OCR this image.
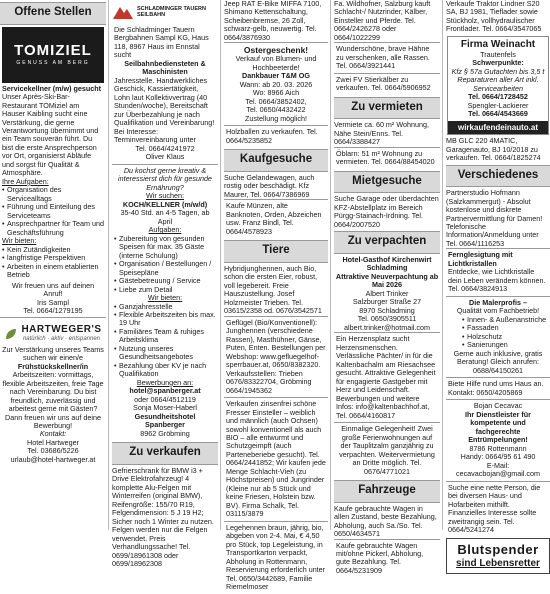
Offene Stellen
TOMIZIEL
GENUSS AM BERG
Servicekellner (m/w) gesucht
Unser Après-Ski-Bar-Restaurant TOMiziel am Hauser Kaibling sucht eine Verstärkung, die gerne Verantwortung übernimmt und ein Team souverän führt. Du bist die erste Ansprechperson vor Ort, organisierst Abläufe und sorgst für Qualität & Atmosphäre.
Ihre Aufgaben:
• Organisation des Servicealltags
• Führung und Einteilung des Serviceteams
• Ansprechpartner für Team und Geschäftsführung
Wir bieten:
• Kein Zutändigkeiten
• langfristige Perspektiven
• Arbeiten in einem etablierten Betrieb
Wir freuen uns auf deinen Anruf!
Iris Sampl
Tel. 0664/1279195
HARTWEGER'S
natürlich · aktiv · entspannen
Zur Verstärkung unseres Teams suchen wir einen/e
Frühstückskellner/in
Arbeitszeiten: vormittags, flexible Arbeitszeiten, freie Tage nach Vereinbarung. Du bist freundlich, zuverlässig und arbeitest gerne mit Gästen? Dann freuen wir uns auf deine Bewerbung!
Kontakt:
Hotel Hartweger
Tel. 03686/5226
urlaub@hotel-hartweger.at
SCHLADMINGER TAUERN SEILBAHN
Die Schladminger Tauern Bergbahnen Sampl KG, Haus 118, 8967 Haus im Ennstal sucht
Seilbahnbediensteten & Maschinisten
Jahresstelle. Handwerkliches Geschick, Kassiertätigkeit, Lohn laut Kollektivvertrag (40 Stunden/woche), Bereitschaft zur Überbezahlung je nach Qualifikation und Vereinbarung! Bei Interesse: Terminvereinbarung unter
Tel. 0664/4241972
Oliver Klaus
Du kochst gerne kreativ & interessierst dich für gesunde Ernährung?
Wir suchen:
KOCH/KELLNER (m/w/d)
35-40 Std. an 4-5 Tagen, ab April
Aufgaben:
• Zubereitung von gesunden Speisen für max. 35 Gäste (interne Schulung)
• Organisation / Bestellungen / Speisepläne
• Gästebetreuung / Service
• Liebe zum Detail
Wir bieten:
• Ganzjahresstelle
• Flexible Arbeitszeiten bis max. 19 Uhr
• Familiäres Team & ruhiges Arbeitsklima
• Nutzung unseres Gesundheitsangebotes
• Bezahlung über KV je nach Qualifikation
Bewerbungen an:
hotel@spanberger.at
oder 0664/4512119
Sonja Moser-Haberl
Gesundheitshotel Spanberger
8962 Gröbming
Zu verkaufen
Gefrierschrank für BMW i3 + Drive Elektrofahrzeug! 4 komplette Alu-Felgen mit Winterreifen (original BMW), Reifengröße: 155/70 R19, Felgendimension: 5 J 19 H2; Sicher noch 1 Winter zu nutzen. Felgen werden nur die Felgen verwendet. Preis Verhandlungssache! Tel. 0699/18961308 oder 0699/18962308
Jeep RAT E-Bike MIFFA 7100, Shimano Kettenschaltung, Scheibenbremse, 26 Zoll, schwarz-gelb, neuwertig. Tel. 0664/3876930
Ostergeschenk!
Verkauf von Blumen- und Hochbeeterde!
Dankbauer T&M OG
Wann: ab 20. 03. 2026
Wo: 8966 Aich
Tel. 0664/3852402,
Tel. 0650/4432422
Zustellung möglich!
Holzballen zu verkaufen. Tel. 0664/5235852
Kaufgesuche
Suche Gelandewagen, auch rostig oder beschädigt. Kfz Maurer, Tel. 0664/7386969
Kaufe Münzen, alte Banknoten, Orden, Abzeichen usw. Franz Bindl, Tel. 0664/4578923
Tiere
Hybridjunghennen, auch Bio, schon die ersten Eier, robust, voll legebereit. Freie Hauszustellung. Josef Holzmeister Trieben. Tel. 03615/2358 od. 0676/3542571
Geflügel (Bio/Konventionell): Junghennen (verschiedene Rassen), Masthühner, Gänse, Puten, Enten. Bestellungen per Webshop: www.gefluegelhof-sperrbauer.at, 0650/8382320. Verkaufsstellen: Trieben 0676/83322704, Gröbming 0664/1945362
Verkaufen zinsenfrei schöne Fresser Einsteller – weiblich und männlich (auch Ochsen) sowohl konventionell als auch BIO – alle entwurmt und Schutzgeimpft (auch Parteneberiebe gesucht). Tel. 0664/2441852; Wir kaufen jede Menge Schlacht-Vieh (zu Höchstpreisen) und Jungrinder (Kleine nur ab 5 Stück und keine Friesen, Holstein bzw. BV). Firma Schalk, Tel. 03115/3879
Legehennen braun, jährig, bio, abgeben von 2-4. Mai, € 4,50 pro Stück, top Legeleistung, in Transportkarton verpackt, Abholung in Rottenmann, Reservierung erforderlich unter Tel. 0650/3442689, Familie Riemelmoser
Fa. Wildhofner, Salzburg kauft Schlacht-/ Nutzrinder, Kälber, Einsteller und Pferde. Tel. 0664/2426278 oder 0664/1022299
Wunderschöne, brave Hähne zu verschenken, alle Rassen. Tel. 0664/3921441
Zwei FV Stierkälber zu verkaufen. Tel. 0664/5906952
Zu vermieten
Vermiete ca. 60 m² Wohnung, Nähe Stein/Enns. Tel. 0664/3388427
Öblarn: 51 m² Wohnung zu vermieten. Tel. 0664/88454020
Mietgesuche
Suche Garage oder überdachten KFZ-Abstellplatz im Bereich Pürgg-Stainach-Irdning. Tel. 0664/2007520
Zu verpachten
Hotel-Gasthof Kirchenwirt Schladming
Attraktive Neuverpachtung ab Mai 2026
Albert Trinker
Salzburger Straße 27
8970 Schladming
Tel. 0650/3905511
albert.trinker@hotmail.com
Ein Herzensplatz sucht Herzensmenschen. Verlässliche Pächter/ in für die Kaltenbachalm am Riesachsee gesucht. Attraktive Gelegenheit für engagierte Gastgeber mit Herz und Leidenschaft. Bewerbungen und weitere Infos: info@kaltenbachhof.at, Tel. 0664/4160817
Einmalige Gelegenheit! Zwei große Ferienwohnungen auf der Tauplitzalm ganzjährig zu verpachten. Weitervermietung an Dritte möglich. Tel. 0676/4771021
Fahrzeuge
Kaufe gebrauchte Wagen in allen Zustand, beste Bezahlung, Abholung, auch Sa./So. Tel. 0650/4634571
Kaufe gebrauchte Wagen mit/ohne Pickerl, Abholung, gute Bezahlung. Tel. 0664/5231909
Verkaufe Traktor Lindner S20 SA, BJ 1981, Tieflader sowie Stückholz, vollhydraulischer Frontlader. Tel. 0664/3547065
Firma Weinacht
Trautenfels
Schwerpunkte:
Kfz § 57a Gutachten bis 3,5 t Reparaturen aller Art inkl. Servicearbeiten
Tel. 0664/1728452
Spengler-Lackierer
Tel. 0664/4543669
wirkaufendeinauto.at
MB GLC 220 4MATIC, Garagenauto, BJ 10/2018 zu verkaufen. Tel. 0664/1825274
Verschiedenes
Partnerstudio Hofmann (Salzkammergut) - Absolut kostenlose und diskrete Partnervermittlung für Damen! Telefonische Information/Anmeldung unter Tel. 0664/1116253
Fernglesigtung mit Lichtkristallen
Entdecke, wie Lichtkristalle dein Leben verändern können. Tel. 0664/3824913
Die Malerprofis –
Qualität vom Fachbetrieb!
• Innen- & Außenanstriche
• Fassaden
• Holzschutz
• Sanierungen
Gerne auch inklusive, gratis Beratung! Gleich anrufen: 0688/64150261
Biete Hilfe rund ums Haus an. Kontakt: 0650/4205869
Bojan Cecavac
Ihr Dienstleister für kompetente und fachgerechte Entrümpelungen!
8786 Rottenmann
Handy: 0664/95 61 490
E-Mail: cecavacbojan@gmail.com
Suche eine nette Person, die bei diversen Haus- und Hofarbeiten mithilft. Finanzielles Interesse sollte zweitrangig sein. Tel. 0664/5241274
Blutspender
sind Lebensretter
